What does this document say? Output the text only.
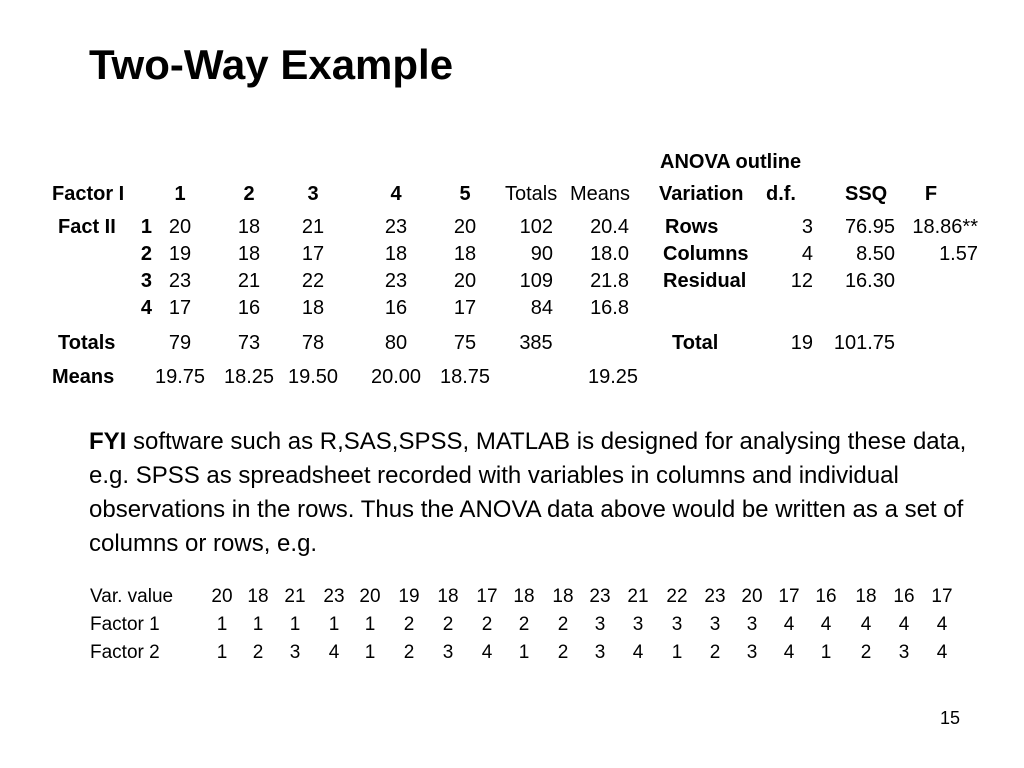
Two-Way Example
Factor I	1	2	3	4	5 Totals Means
Fact II 1 20 18 21	23 20 102 20.4
2 19 18 17	18 18	90 18.0
3 23 21 22	23 20 109 21.8
4 17 16 18	16 17	84 16.8
Totals	79 73 78	80 75 385
Means 19.75 18.25 19.50 20.00 18.75	19.25
ANOVA outline
Variation d.f. SSQ F
Rows	3 76.95 18.86**
Columns	4 8.50 1.57
Residual 12 16.30
Total	19 101.75
FYI software such as R,SAS,SPSS, MATLAB is designed for analysing these data, e.g. SPSS as spreadsheet recorded with variables in columns and individual observations in the rows. Thus the ANOVA data above would be written as a set of columns or rows, e.g.
Var. value 20 18 21 23 20 19 18 17 18 18 23 21 22 23 20 17 16 18 16 17
Factor 1	1 1 1 1 1 2 2 2 2 2 3 3 3 3 3 4 4 4 4 4
Factor 2	1 2 3 4 1 2 3 4 1 2 3 4 1 2 3 4 1 2 3 4
15
